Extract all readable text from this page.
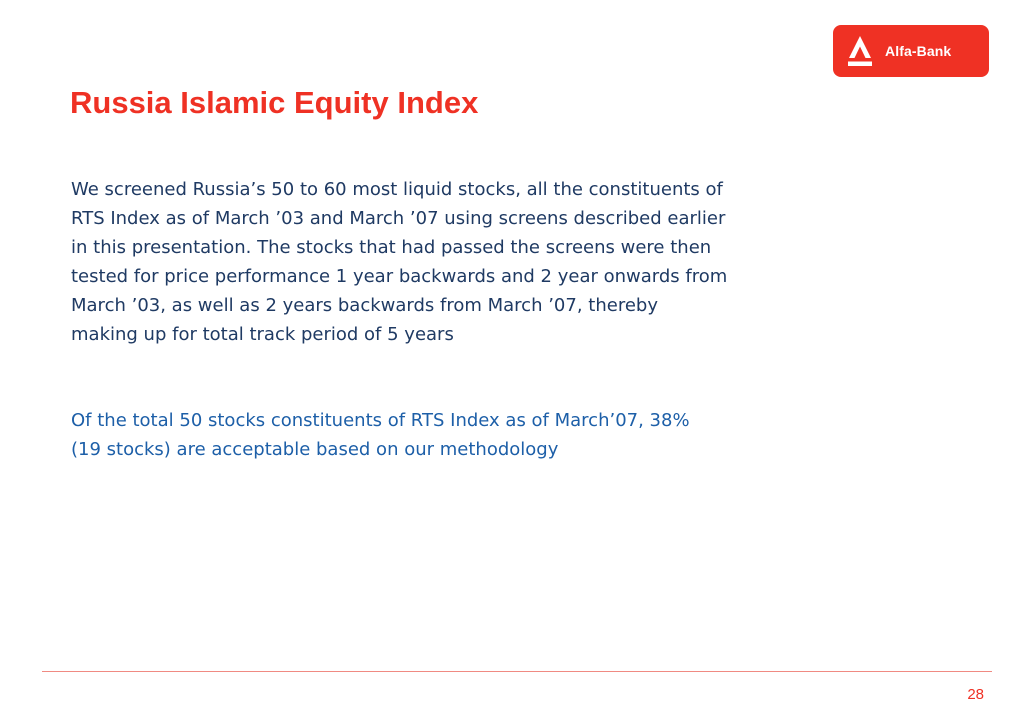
Alfa-Bank
Russia Islamic Equity Index

We screened Russia’s 50 to 60 most liquid stocks, all the constituents of
RTS Index as of March ’03 and March ’07 using screens described earlier
in this presentation. The stocks that had passed the screens were then
tested for price performance 1 year backwards and 2 year onwards from
March ’03, as well as 2 years backwards from March ’07, thereby
making up for total track period of 5 years

Of the total 50 stocks constituents of RTS Index as of March’07, 38%
(19 stocks) are acceptable based on our methodology

28
